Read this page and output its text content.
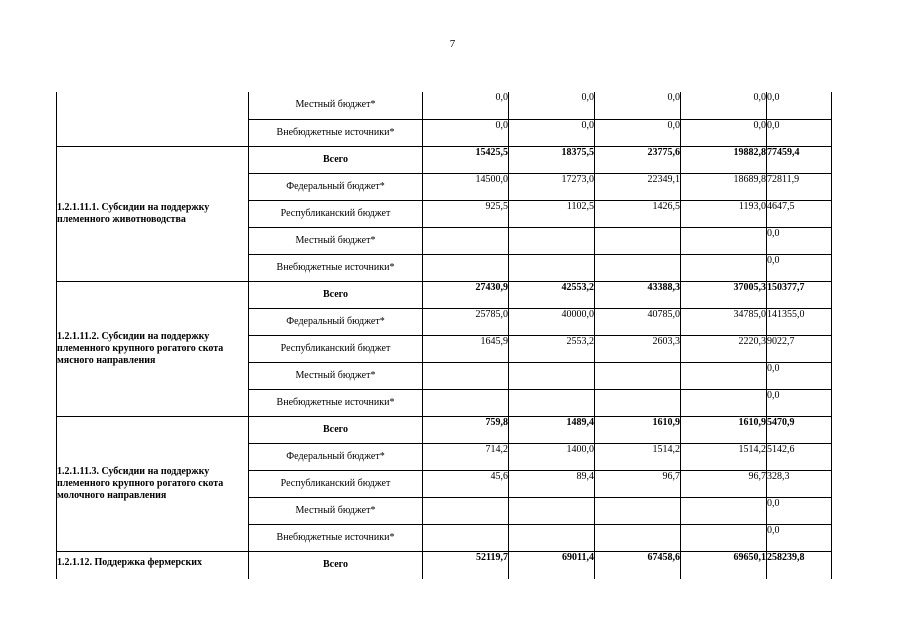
7
	Местный бюджет*	0,0	0,0	0,0	0,0	0,0
	Внебюджетные источники*	0,0	0,0	0,0	0,0	0,0
1.2.1.11.1. Субсидии на поддержку племенного животноводства	Всего	15425,5	18375,5	23775,6	19882,8	77459,4
	Федеральный бюджет*	14500,0	17273,0	22349,1	18689,8	72811,9
	Республиканский бюджет	925,5	1102,5	1426,5	1193,0	4647,5
	Местный бюджет*					0,0
	Внебюджетные источники*					0,0
1.2.1.11.2. Субсидии на поддержку племенного крупного рогатого скота мясного направления	Всего	27430,9	42553,2	43388,3	37005,3	150377,7
	Федеральный бюджет*	25785,0	40000,0	40785,0	34785,0	141355,0
	Республиканский бюджет	1645,9	2553,2	2603,3	2220,3	9022,7
	Местный бюджет*					0,0
	Внебюджетные источники*					0,0
1.2.1.11.3. Субсидии на поддержку племенного крупного рогатого скота молочного направления	Всего	759,8	1489,4	1610,9	1610,9	5470,9
	Федеральный бюджет*	714,2	1400,0	1514,2	1514,2	5142,6
	Республиканский бюджет	45,6	89,4	96,7	96,7	328,3
	Местный бюджет*					0,0
	Внебюджетные источники*					0,0
1.2.1.12. Поддержка фермерских	Всего	52119,7	69011,4	67458,6	69650,1	258239,8
